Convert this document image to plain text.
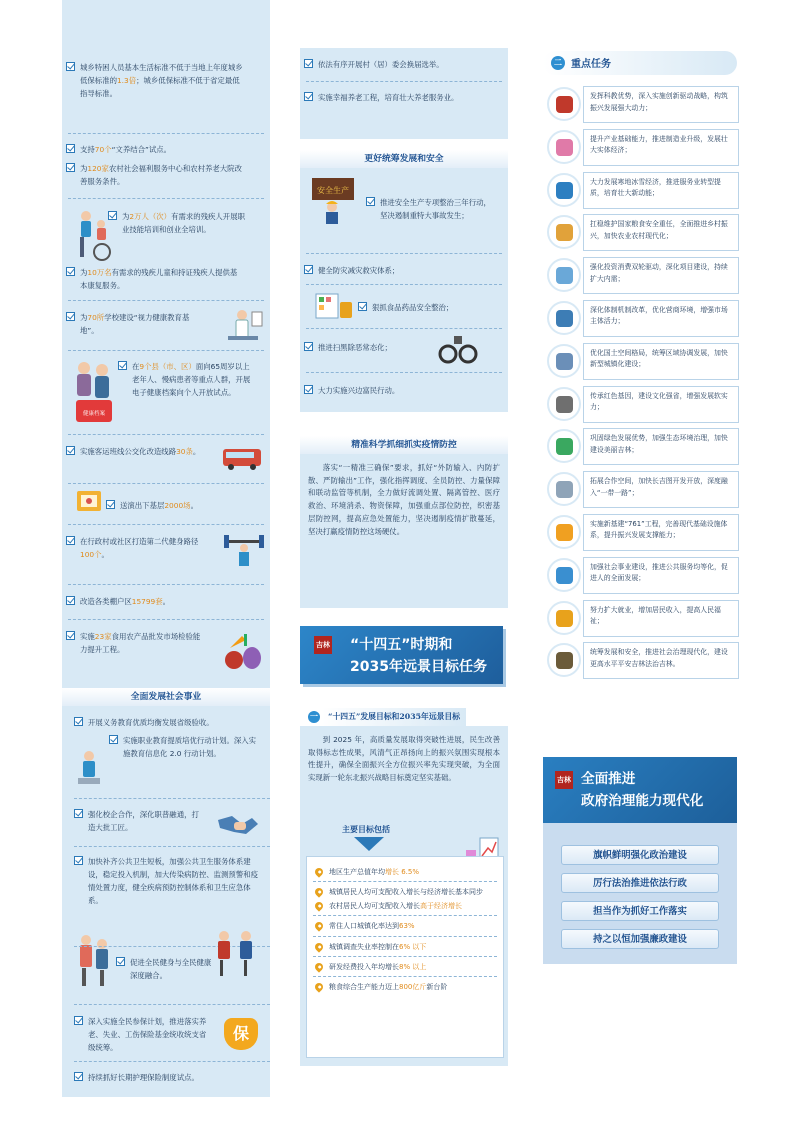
城乡特困人员基本生活标准不低于当地上年度城乡低保标准的1.3倍；城乡低保标准不低于省定最低指导标准。
支持70个“文养结合”试点。
为120家农村社会福利服务中心和农村养老大院改善服务条件。
为2万人（次）有需求的残疾人开展职业技能培训和创业全培训。
为10万名有需求的残疾儿童和持证残疾人提供基本康复服务。
为70所学校建设“视力健康教育基地”。
健康档案
在9个县（市、区）面向65周岁以上老年人、慢病患者等重点人群，开展电子健康档案向个人开放试点。
实施客运班线公交化改造线路30条。
送演出下基层2000场。
在行政村或社区打造第二代健身路径100个。
改造各类棚户区15799套。
实施23家食用农产品批发市场检验能力提升工程。
全面发展社会事业
开展义务教育优质均衡发展省级验收。
实施职业教育提质培优行动计划。深入实施教育信息化 2.0 行动计划。
强化校企合作，深化职普融通，打造大批工匠。
加快补齐公共卫生短板，加强公共卫生服务体系建设，稳定投入机制，加大传染病防控、监测预警和疫情处置力度，健全疾病预防控制体系和卫生应急体系。
促进全民健身与全民健康深度融合。
深入实施全民参保计划，推进落实养老、失业、工伤保险基金统收统支省级统筹。
保
持续抓好长期护理保险制度试点。
依法有序开展村（居）委会换届选举。
实施幸福养老工程，培育壮大养老服务业。
更好统筹发展和安全
安全生产
推进安全生产专项整治三年行动，坚决遏制重特大事故发生；
健全防灾减灾救灾体系；
狠抓食品药品安全整治；
推进扫黑除恶常态化；
大力实施兴边富民行动。
精准科学抓细抓实疫情防控
落实“一精准三确保”要求，抓好“外防输入、内防扩散、严防输出”工作，强化指挥调度、全员防控、力量保障和联动监管等机制，全力做好流调处置、隔离管控、医疗救治、环境消杀、物资保障，加强重点部位防控，织密基层防控网，提高应急处置能力，坚决遏制疫情扩散蔓延，坚决打赢疫情防控这场硬仗。
吉林 “十四五”时期和
2035年远景目标任务
一	“十四五”发展目标和2035年远景目标
到 2025 年，高质量发展取得突破性进展，民生改善取得标志性成果，风清气正昂扬向上的振兴氛围实现根本性提升，确保全面振兴全方位振兴率先实现突破，为全面实现新一轮东北振兴战略目标奠定坚实基础。
主要目标包括
地区生产总值年均增长 6.5%
城镇居民人均可支配收入增长与经济增长基本同步
农村居民人均可支配收入增长高于经济增长
常住人口城镇化率达到63%
城镇调查失业率控制在6% 以下
研发经费投入年均增长8% 以上
粮食综合生产能力迈上800亿斤新台阶
二 重点任务
发挥科教优势，深入实施创新驱动战略，构筑振兴发展强大动力；
提升产业基础能力，推进制造业升级，发展壮大实体经济；
大力发展寒地冰雪经济，推进服务业转型提质，培育壮大新动能；
扛稳维护国家粮食安全重任，全面推进乡村振兴，加快农业农村现代化；
强化投资消费双轮驱动，深化项目建设，持续扩大内需；
深化体制机制改革，优化营商环境，增强市场主体活力；
优化国土空间格局，统筹区域协调发展，加快新型城镇化建设；
传承红色基因，建设文化强省，增强发展软实力；
巩固绿色发展优势，加强生态环境治理，加快建设美丽吉林；
拓展合作空间，加快长吉图开发开放，深度融入“一带一路”；
实施新基建“761”工程，完善现代基础设施体系，提升振兴发展支撑能力；
加强社会事业建设，推进公共服务均等化，促进人的全面发展；
努力扩大就业，增加居民收入，提高人民福祉；
统筹发展和安全，推进社会治理现代化，建设更高水平平安吉林法治吉林。
吉林 全面推进
政府治理能力现代化
旗帜鲜明强化政治建设
厉行法治推进依法行政
担当作为抓好工作落实
持之以恒加强廉政建设
